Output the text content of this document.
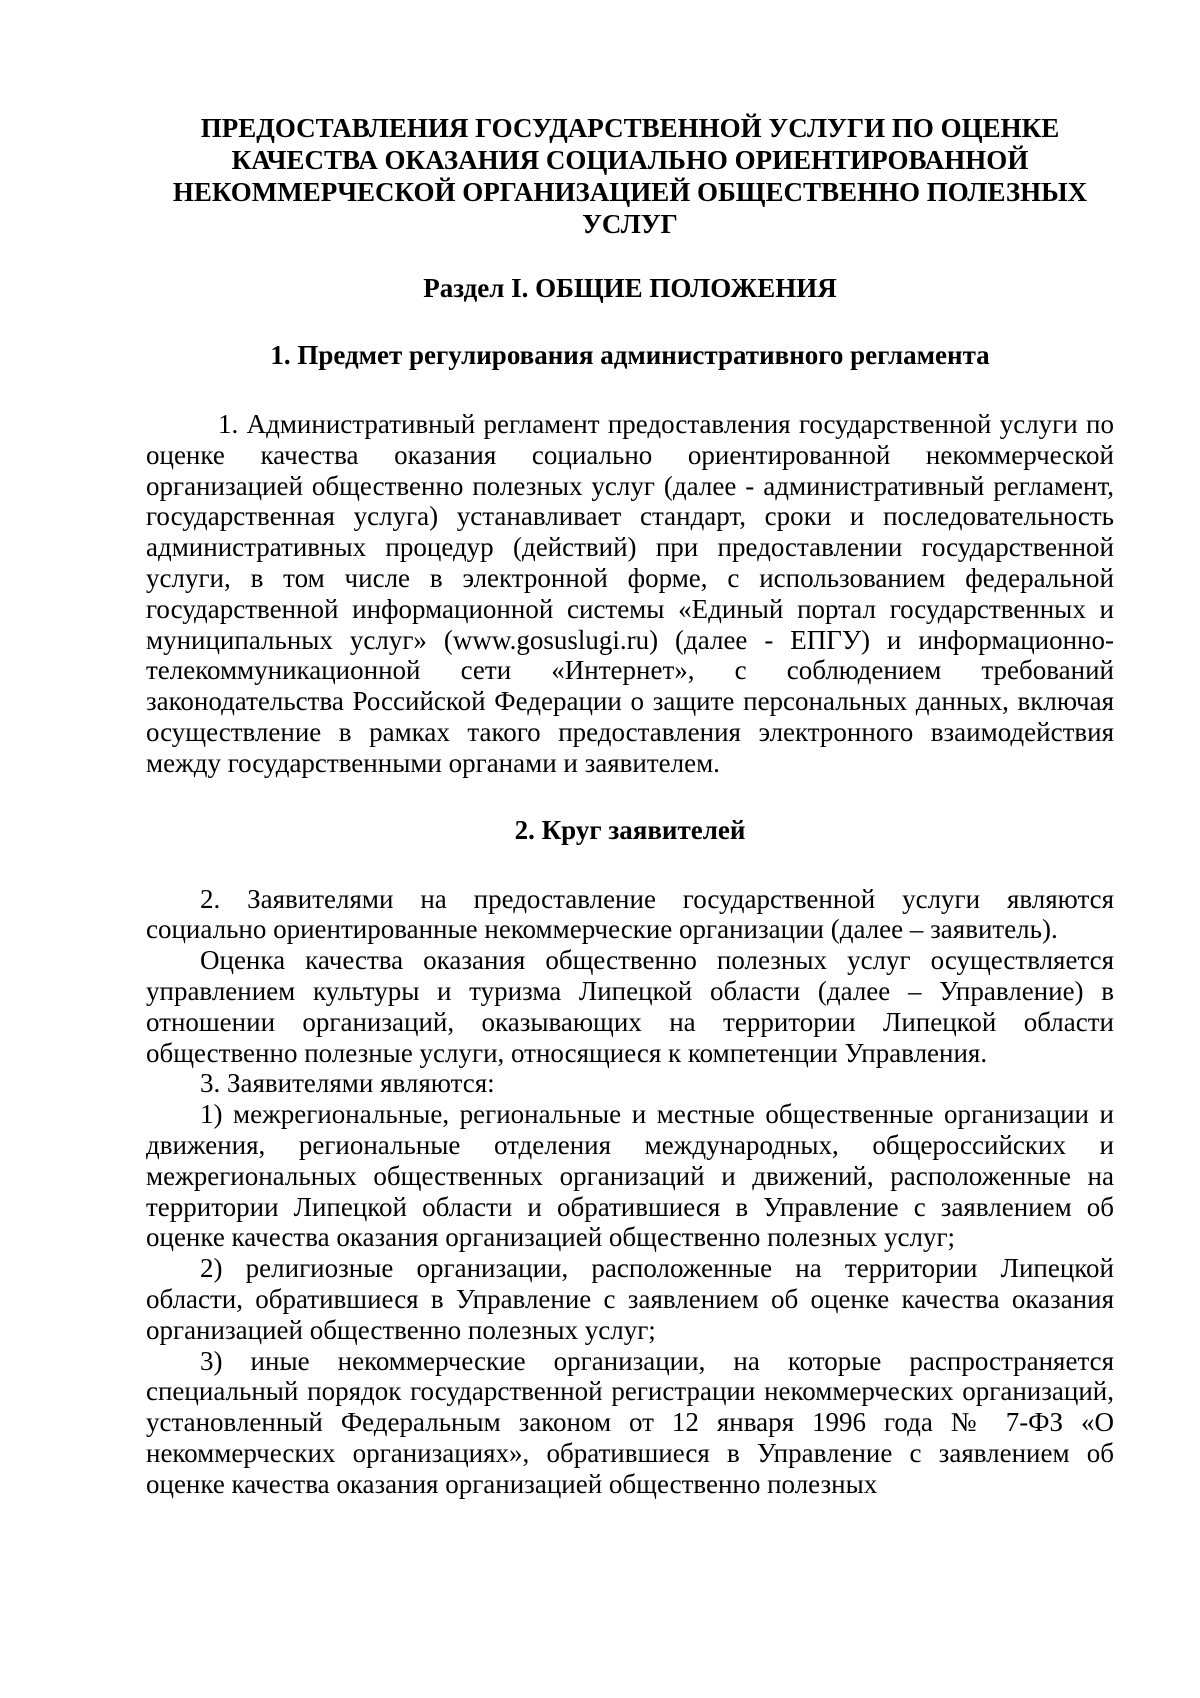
ПРЕДОСТАВЛЕНИЯ ГОСУДАРСТВЕННОЙ УСЛУГИ ПО ОЦЕНКЕ
КАЧЕСТВА ОКАЗАНИЯ СОЦИАЛЬНО ОРИЕНТИРОВАННОЙ
НЕКОММЕРЧЕСКОЙ ОРГАНИЗАЦИЕЙ ОБЩЕСТВЕННО ПОЛЕЗНЫХ
УСЛУГ
Раздел I. ОБЩИЕ ПОЛОЖЕНИЯ
1. Предмет регулирования административного регламента

1. Административный регламент предоставления государственной услуги по оценке качества оказания социально ориентированной некоммерческой организацией общественно полезных услуг (далее - административный регламент, государственная услуга) устанавливает стандарт, сроки и последовательность административных процедур (действий) при предоставлении государственной услуги, в том числе в электронной форме, с использованием федеральной государственной информационной системы «Единый портал государственных и муниципальных услуг» (www.gosuslugi.ru) (далее - ЕПГУ) и информационно-телекоммуникационной сети «Интернет», с соблюдением требований законодательства Российской Федерации о защите персональных данных, включая осуществление в рамках такого предоставления электронного взаимодействия между государственными органами и заявителем.

2. Круг заявителей

2. Заявителями на предоставление государственной услуги являются социально ориентированные некоммерческие организации (далее – заявитель).

Оценка качества оказания общественно полезных услуг осуществляется управлением культуры и туризма Липецкой области (далее – Управление) в отношении организаций, оказывающих на территории Липецкой области общественно полезные услуги, относящиеся к компетенции Управления.

3. Заявителями являются:

1) межрегиональные, региональные и местные общественные организации и движения, региональные отделения международных, общероссийских и межрегиональных общественных организаций и движений, расположенные на территории Липецкой области и обратившиеся в Управление с заявлением об оценке качества оказания организацией общественно полезных услуг;

2) религиозные организации, расположенные на территории Липецкой области, обратившиеся в Управление с заявлением об оценке качества оказания организацией общественно полезных услуг;

3) иные некоммерческие организации, на которые распространяется специальный порядок государственной регистрации некоммерческих организаций, установленный Федеральным законом от 12 января 1996 года № 7-ФЗ «О некоммерческих организациях», обратившиеся в Управление с заявлением об оценке качества оказания организацией общественно полезных
